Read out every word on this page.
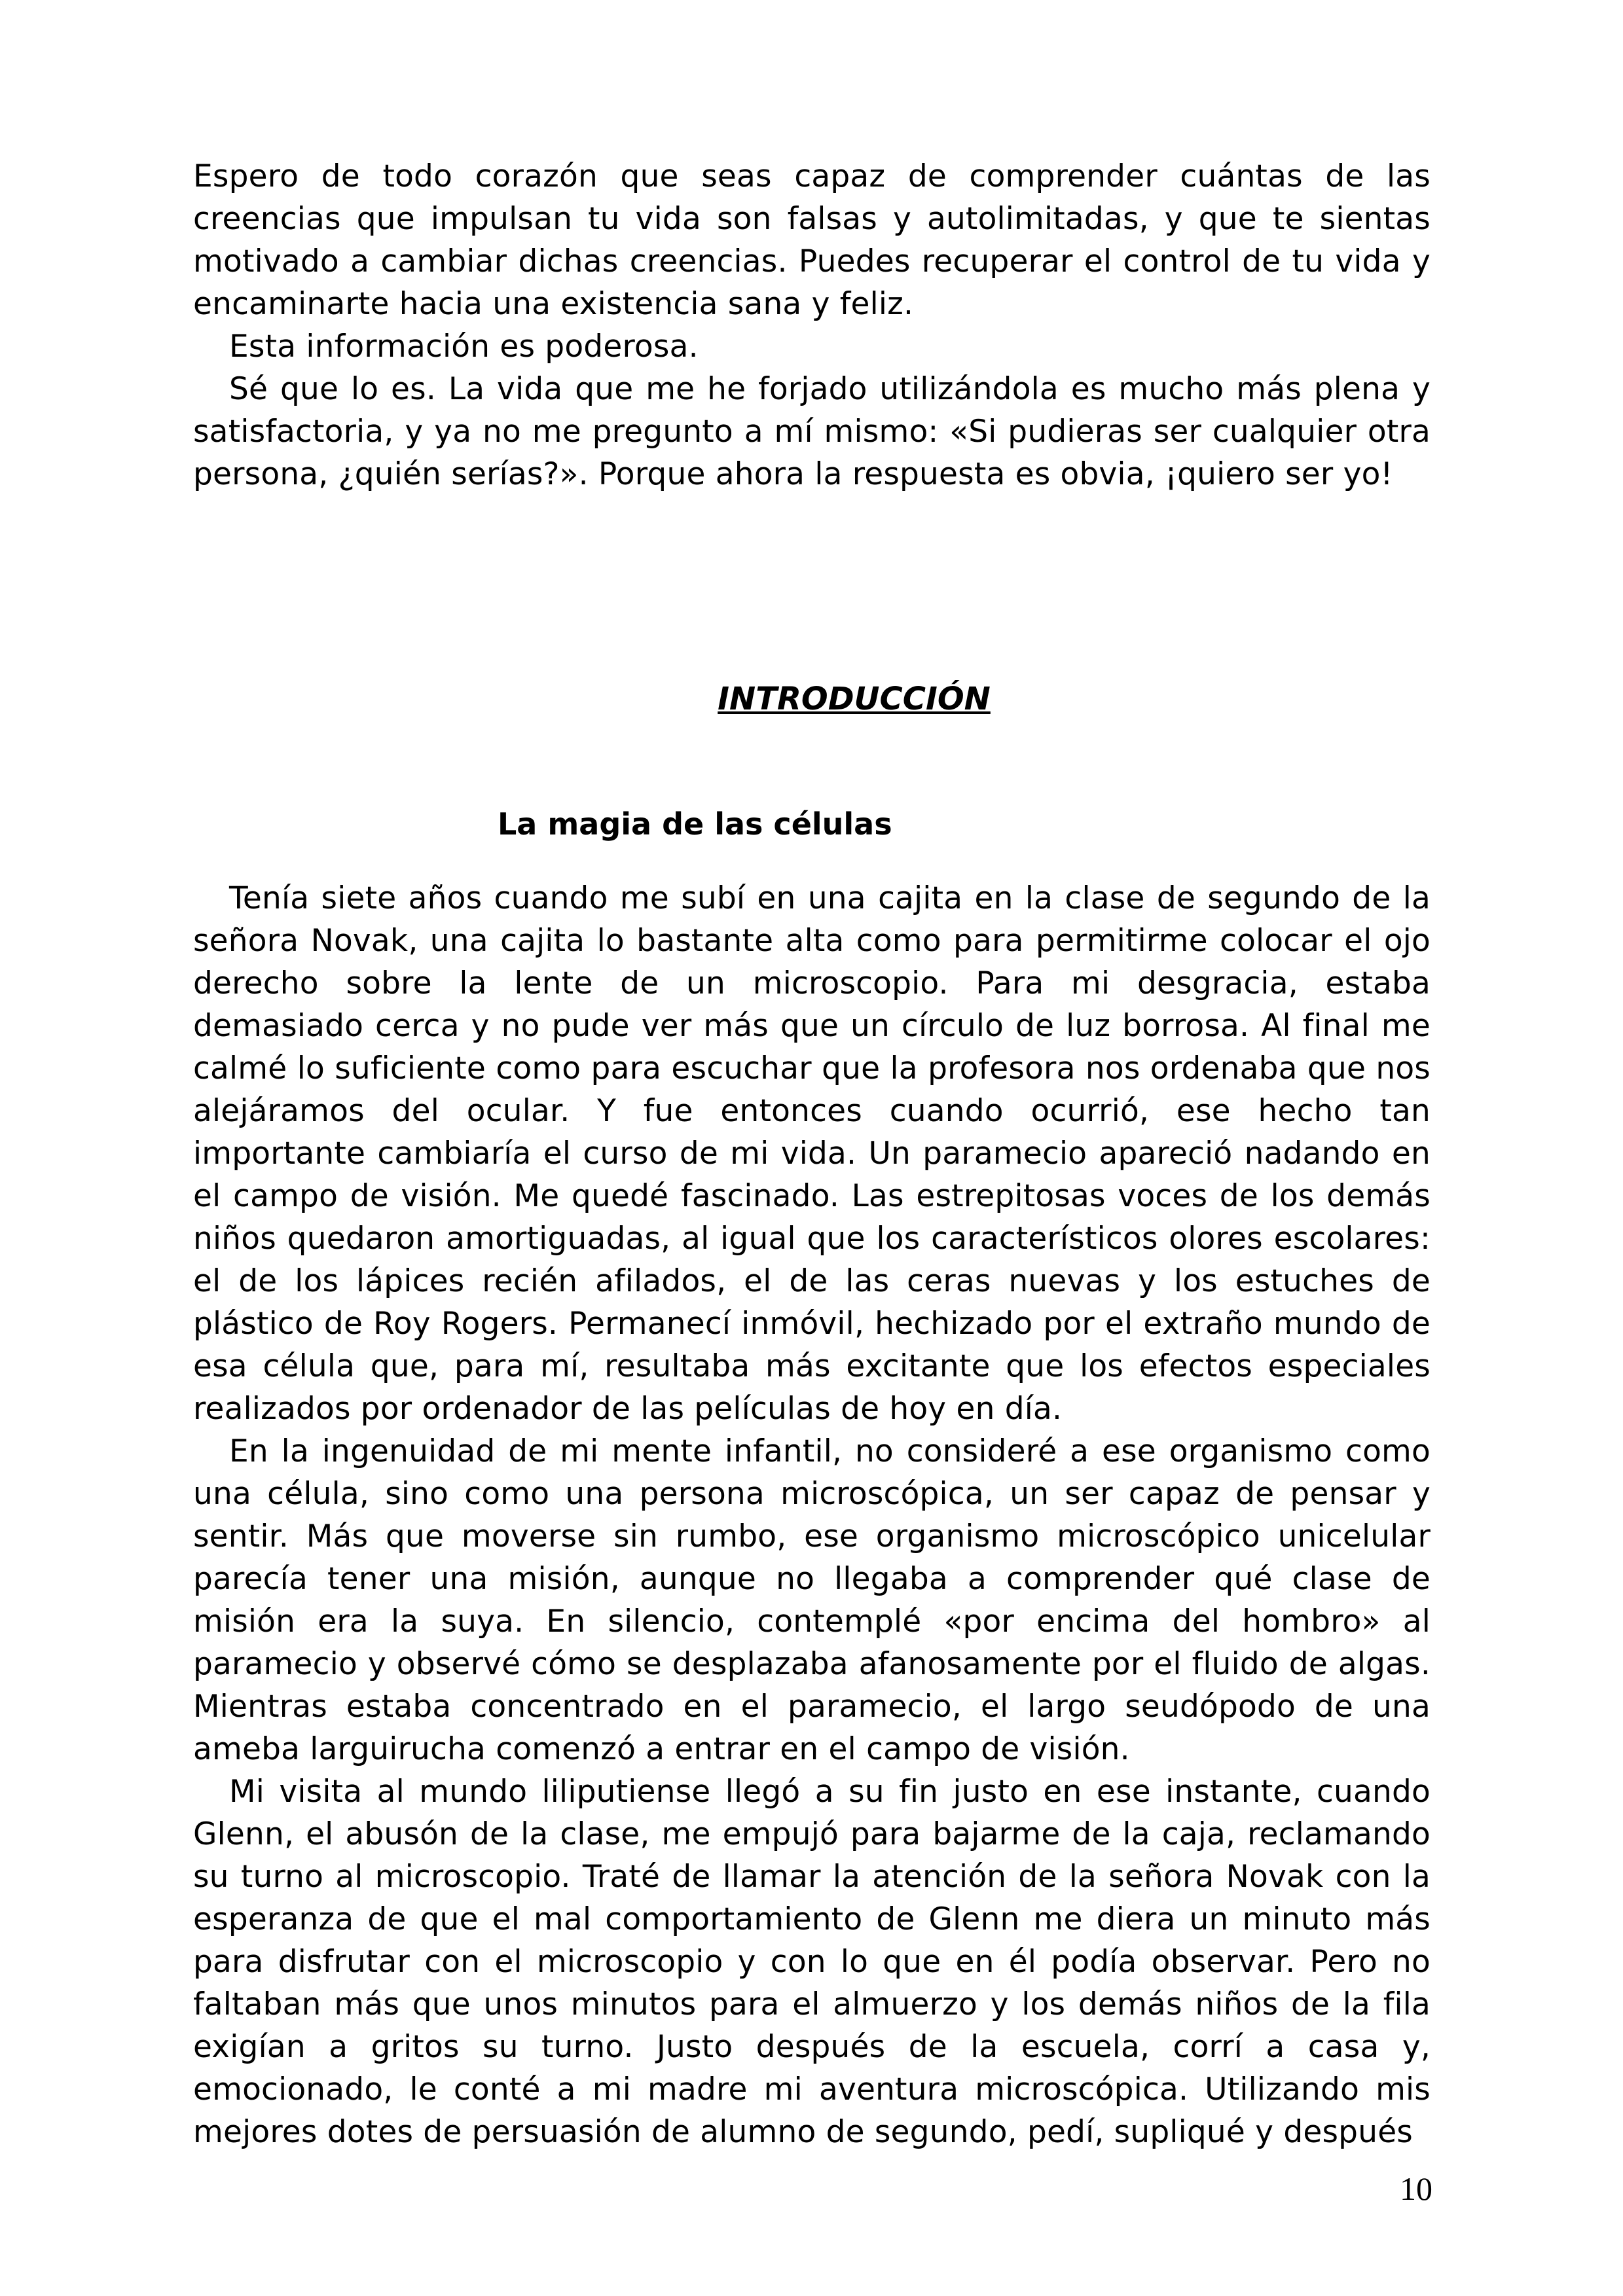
Espero de todo corazón que seas capaz de comprender cuántas de las creencias que impulsan tu vida son falsas y autolimitadas, y que te sientas motivado a cambiar dichas creencias. Puedes recuperar el control de tu vida y encaminarte hacia una existencia sana y feliz.

Esta información es poderosa.

Sé que lo es. La vida que me he forjado utilizándola es mucho más plena y satisfactoria, y ya no me pregunto a mí mismo: «Si pudieras ser cualquier otra persona, ¿quién serías?». Porque ahora la respuesta es obvia, ¡quiero ser yo!

INTRODUCCIÓN
La magia de las células

Tenía siete años cuando me subí en una cajita en la clase de segundo de la señora Novak, una cajita lo bastante alta como para permitirme colocar el ojo derecho sobre la lente de un microscopio. Para mi desgracia, estaba demasiado cerca y no pude ver más que un círculo de luz borrosa. Al final me calmé lo suficiente como para escuchar que la profesora nos ordenaba que nos alejáramos del ocular. Y fue entonces cuando ocurrió, ese hecho tan importante cambiaría el curso de mi vida. Un paramecio apareció nadando en el campo de visión. Me quedé fascinado. Las estrepitosas voces de los demás niños quedaron amortiguadas, al igual que los característicos olores escolares: el de los lápices recién afilados, el de las ceras nuevas y los estuches de plástico de Roy Rogers. Permanecí inmóvil, hechizado por el extraño mundo de esa célula que, para mí, resultaba más excitante que los efectos especiales realizados por ordenador de las películas de hoy en día.

En la ingenuidad de mi mente infantil, no consideré a ese organismo como una célula, sino como una persona microscópica, un ser capaz de pensar y sentir. Más que moverse sin rumbo, ese organismo microscópico unicelular parecía tener una misión, aunque no llegaba a comprender qué clase de misión era la suya. En silencio, contemplé «por encima del hombro» al paramecio y observé cómo se desplazaba afanosamente por el fluido de algas. Mientras estaba concentrado en el paramecio, el largo seudópodo de una ameba larguirucha comenzó a entrar en el campo de visión.

Mi visita al mundo liliputiense llegó a su fin justo en ese instante, cuando Glenn, el abusón de la clase, me empujó para bajarme de la caja, reclamando su turno al microscopio. Traté de llamar la atención de la señora Novak con la esperanza de que el mal comportamiento de Glenn me diera un minuto más para disfrutar con el microscopio y con lo que en él podía observar. Pero no faltaban más que unos minutos para el almuerzo y los demás niños de la fila exigían a gritos su turno. Justo después de la escuela, corrí a casa y, emocionado, le conté a mi madre mi aventura microscópica. Utilizando mis mejores dotes de persuasión de alumno de segundo, pedí, supliqué y después

10
